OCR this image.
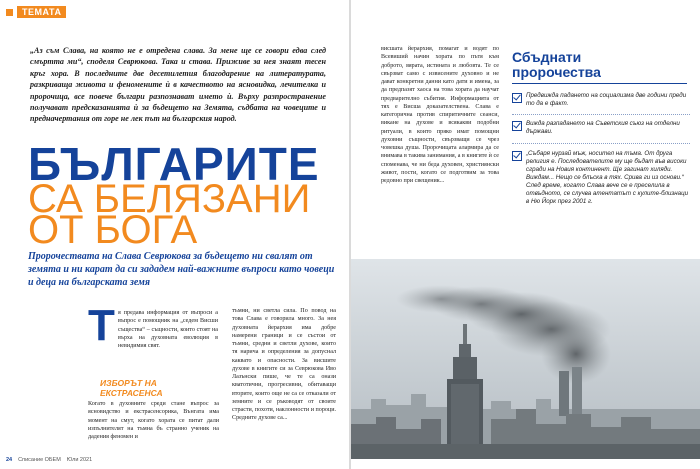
ТЕМАТА
„Аз съм Слава, на която не е отредена слава. За мене ще се говори едва след смъртта ми“, споделя Севрюкова. Така и става. Приживе за нея знаят тесен кръг хора. В последните две десетилетия благодарение на литературата, разкриваща живота и феномените ѝ в качеството на ясновидка, лечителка и пророчица, все повече българи разпознават името ѝ. Върху разпространение получават предсказанията ѝ за бъдещето на Земята, съдбата на човеците и предначертания от горе не лек път на българския народ.
БЪЛГАРИТЕ
СА БЕЛЯЗАНИ
ОТ БОГА
Пророчествата на Слава Севрюкова за бъдещето ни свалят от земята и ни карат да си зададем най-важните въпроси като човеци и деца на българската земя
Т я предава информация от въпроси а въпрос е помощник на „седем Висши същества“ – същности, които стоят на върха на духовната еволюция в невидимия свят.
ИЗБОРЪТ НА
ЕКСТРАСЕНСА
Когато в духовните среди стане въпрос за ясновидство и екстрасенсорика, Вънгата има момент на смут, когато хората се питат дали изпълнителят на тъмна бъ странно ученик на дадения феномен и
тъмни, ни светла сила. По повод на това Слава е говорила много. За нея духовната йерархия има добре намерени граници и се състои от тъмни, средни и светли духове, които тя нарича и определения за допуснал каквато и опасности. За висшите духове в книгите си за Севрюкова Иво Лазънски пише, че те са онази кватотични, прогресивни, обитаващи вторите, които още не са се отказали от земните и се ръководят от своите страсти, похоти, наклонности и пороци. Средните духове са...
24 Списание ОБЕМ Юли 2021
висшата йерархия, помагат и водят по Всевиший начин хората по пътя към доброто, вярата, истината и любовта. Те се свързват само с извисените духовно и не дават конкретни данни като дати и имена, за да предпазят хаоса на това хората да научат предварително събития. Информацията от тях е Висша доказателствена. Слава е категорична против спиритичните сеанси, викане на духове и всякакви подобни ритуали, в които пряко имат помощни духовни същности, свързващи се чрез човешка душа. Пророчицата алармира да се внимава в такива занимания, а в книгите ѝ се споменава, че ни беда духовен, християнски живот, пости, когато се подготвим за това редовно при свещеник...
Сбъднати
пророчества
Предвижда падането на социализма две години преди то да е факт.
Вижда разпадането на Съветския съюз на отделни държави.
„Събаря нурзай мъж, носител на тъма. От друга религия е. Последователите му ще бъдат във високи сгради на Новия континент. Ще загинат хиляди. Виждам... Нещо се блъска в тях. Срива ги из основи.“ След време, когато Слава вече се е преселила в отвъдното, се случва атентатът с кулите-близнаци в Ню Йорк през 2001 г.
